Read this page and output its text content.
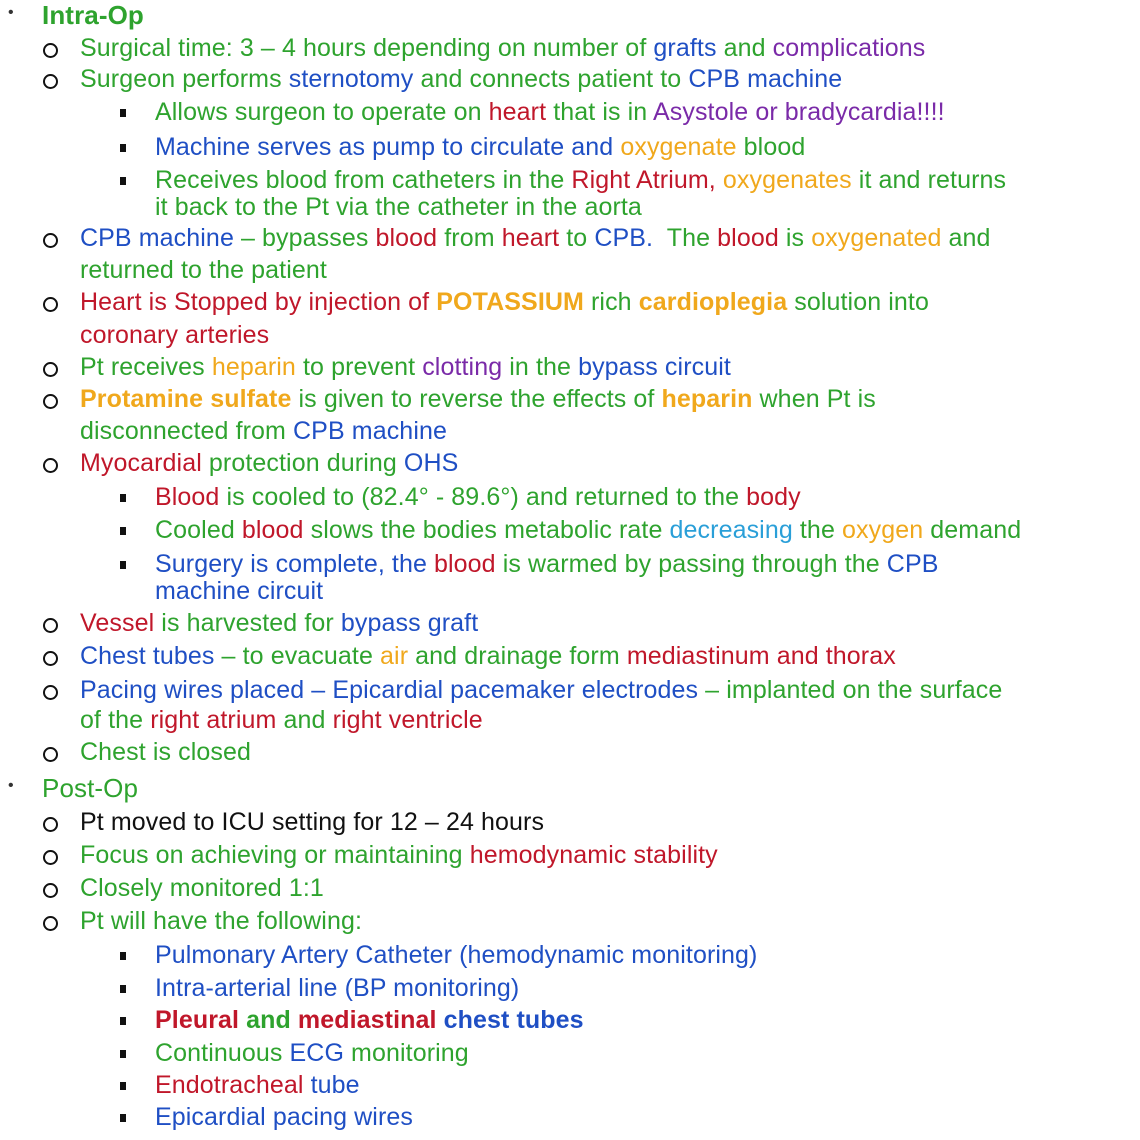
• Intra-Op
Surgical time: 3 – 4 hours depending on number of grafts and complications
Surgeon performs sternotomy and connects patient to CPB machine
Allows surgeon to operate on heart that is in Asystole or bradycardia!!!!
Machine serves as pump to circulate and oxygenate blood
Receives blood from catheters in the Right Atrium, oxygenates it and returns
it back to the Pt via the catheter in the aorta
CPB machine – bypasses blood from heart to CPB.  The blood is oxygenated and
returned to the patient
Heart is Stopped by injection of POTASSIUM rich cardioplegia solution into
coronary arteries
Pt receives heparin to prevent clotting in the bypass circuit
Protamine sulfate is given to reverse the effects of heparin when Pt is
disconnected from CPB machine
Myocardial protection during OHS
Blood is cooled to (82.4° - 89.6°) and returned to the body
Cooled blood slows the bodies metabolic rate decreasing the oxygen demand
Surgery is complete, the blood is warmed by passing through the CPB
machine circuit
Vessel is harvested for bypass graft
Chest tubes – to evacuate air and drainage form mediastinum and thorax
Pacing wires placed – Epicardial pacemaker electrodes – implanted on the surface
of the right atrium and right ventricle
Chest is closed
• Post-Op
Pt moved to ICU setting for 12 – 24 hours
Focus on achieving or maintaining hemodynamic stability
Closely monitored 1:1
Pt will have the following:
Pulmonary Artery Catheter (hemodynamic monitoring)
Intra-arterial line (BP monitoring)
Pleural and mediastinal chest tubes
Continuous ECG monitoring
Endotracheal tube
Epicardial pacing wires
